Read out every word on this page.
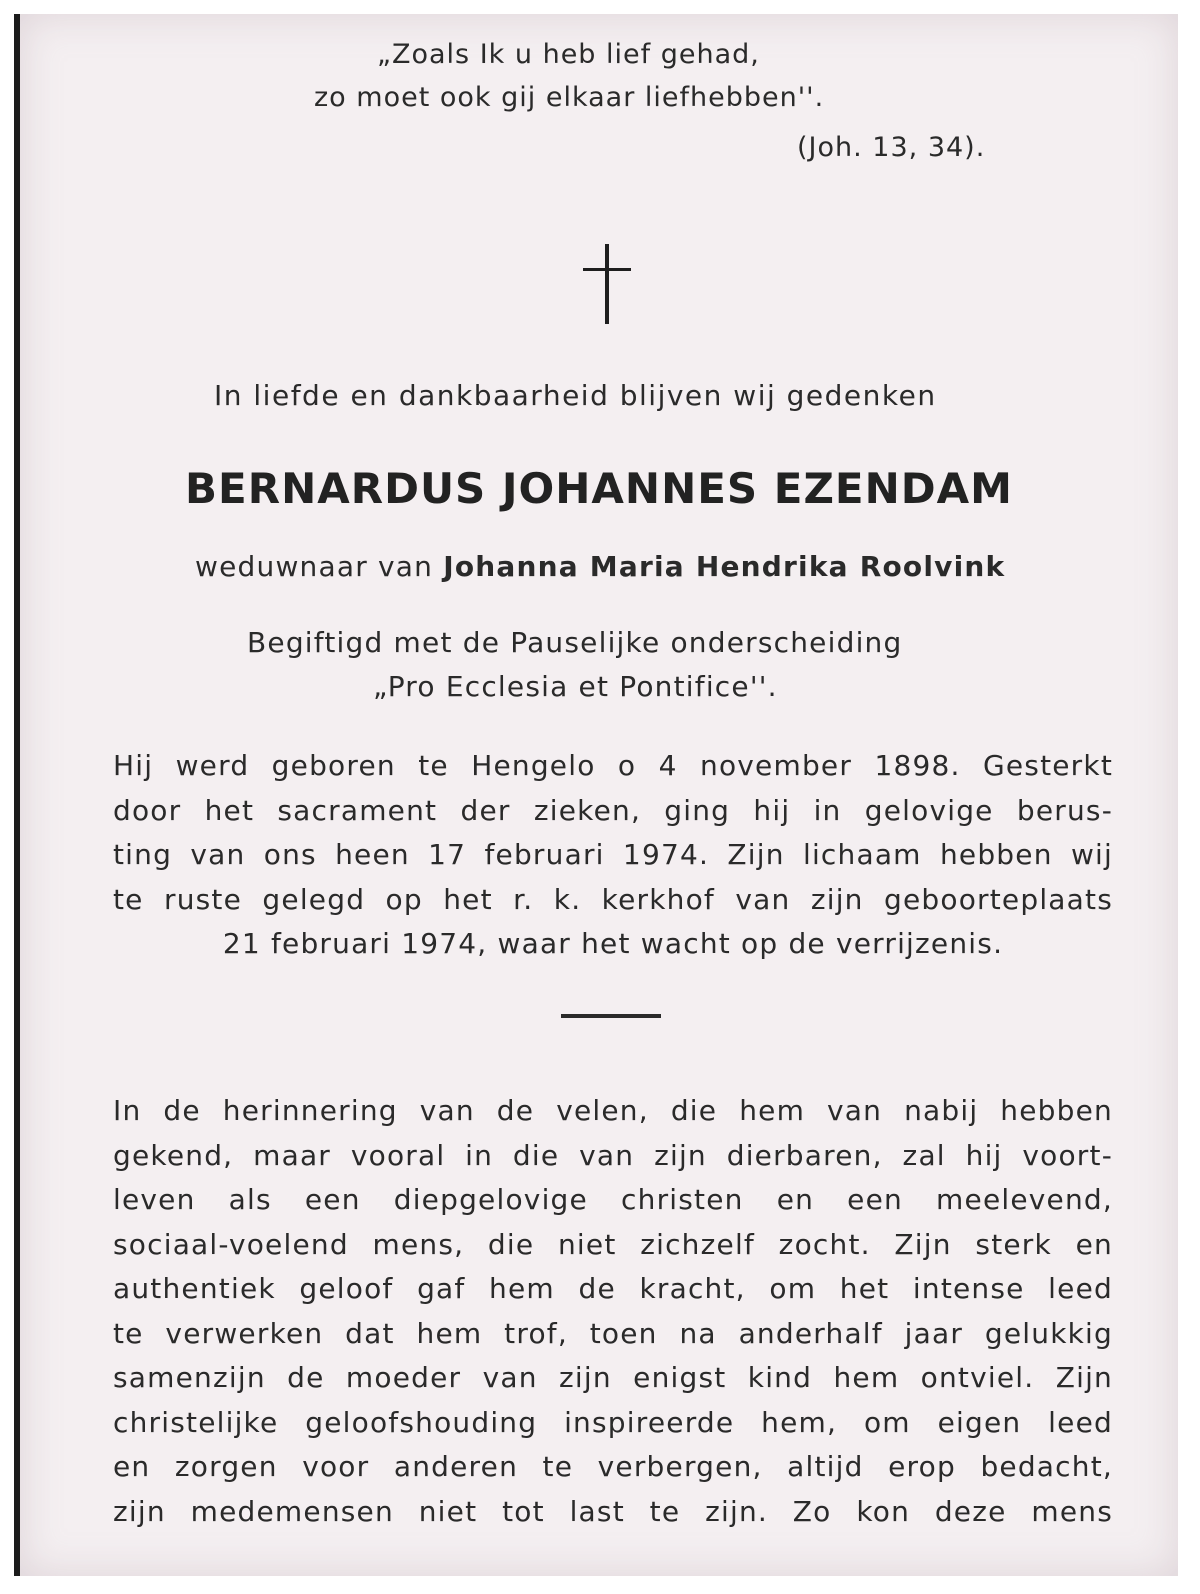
„Zoals Ik u heb lief gehad,
zo moet ook gij elkaar liefhebben''.
(Joh. 13, 34).
In liefde en dankbaarheid blijven wij gedenken
BERNARDUS JOHANNES EZENDAM
weduwnaar van Johanna Maria Hendrika Roolvink
Begiftigd met de Pauselijke onderscheiding
„Pro Ecclesia et Pontifice''.
Hij werd geboren te Hengelo o 4 november 1898. Gesterkt
door het sacrament der zieken, ging hij in gelovige berus-
ting van ons heen 17 februari 1974. Zijn lichaam hebben wij
te ruste gelegd op het r. k. kerkhof van zijn geboorteplaats
21 februari 1974, waar het wacht op de verrijzenis.
In de herinnering van de velen, die hem van nabij hebben
gekend, maar vooral in die van zijn dierbaren, zal hij voort-
leven als een diepgelovige christen en een meelevend,
sociaal-voelend mens, die niet zichzelf zocht. Zijn sterk en
authentiek geloof gaf hem de kracht, om het intense leed
te verwerken dat hem trof, toen na anderhalf jaar gelukkig
samenzijn de moeder van zijn enigst kind hem ontviel. Zijn
christelijke geloofshouding inspireerde hem, om eigen leed
en zorgen voor anderen te verbergen, altijd erop bedacht,
zijn medemensen niet tot last te zijn. Zo kon deze mens
